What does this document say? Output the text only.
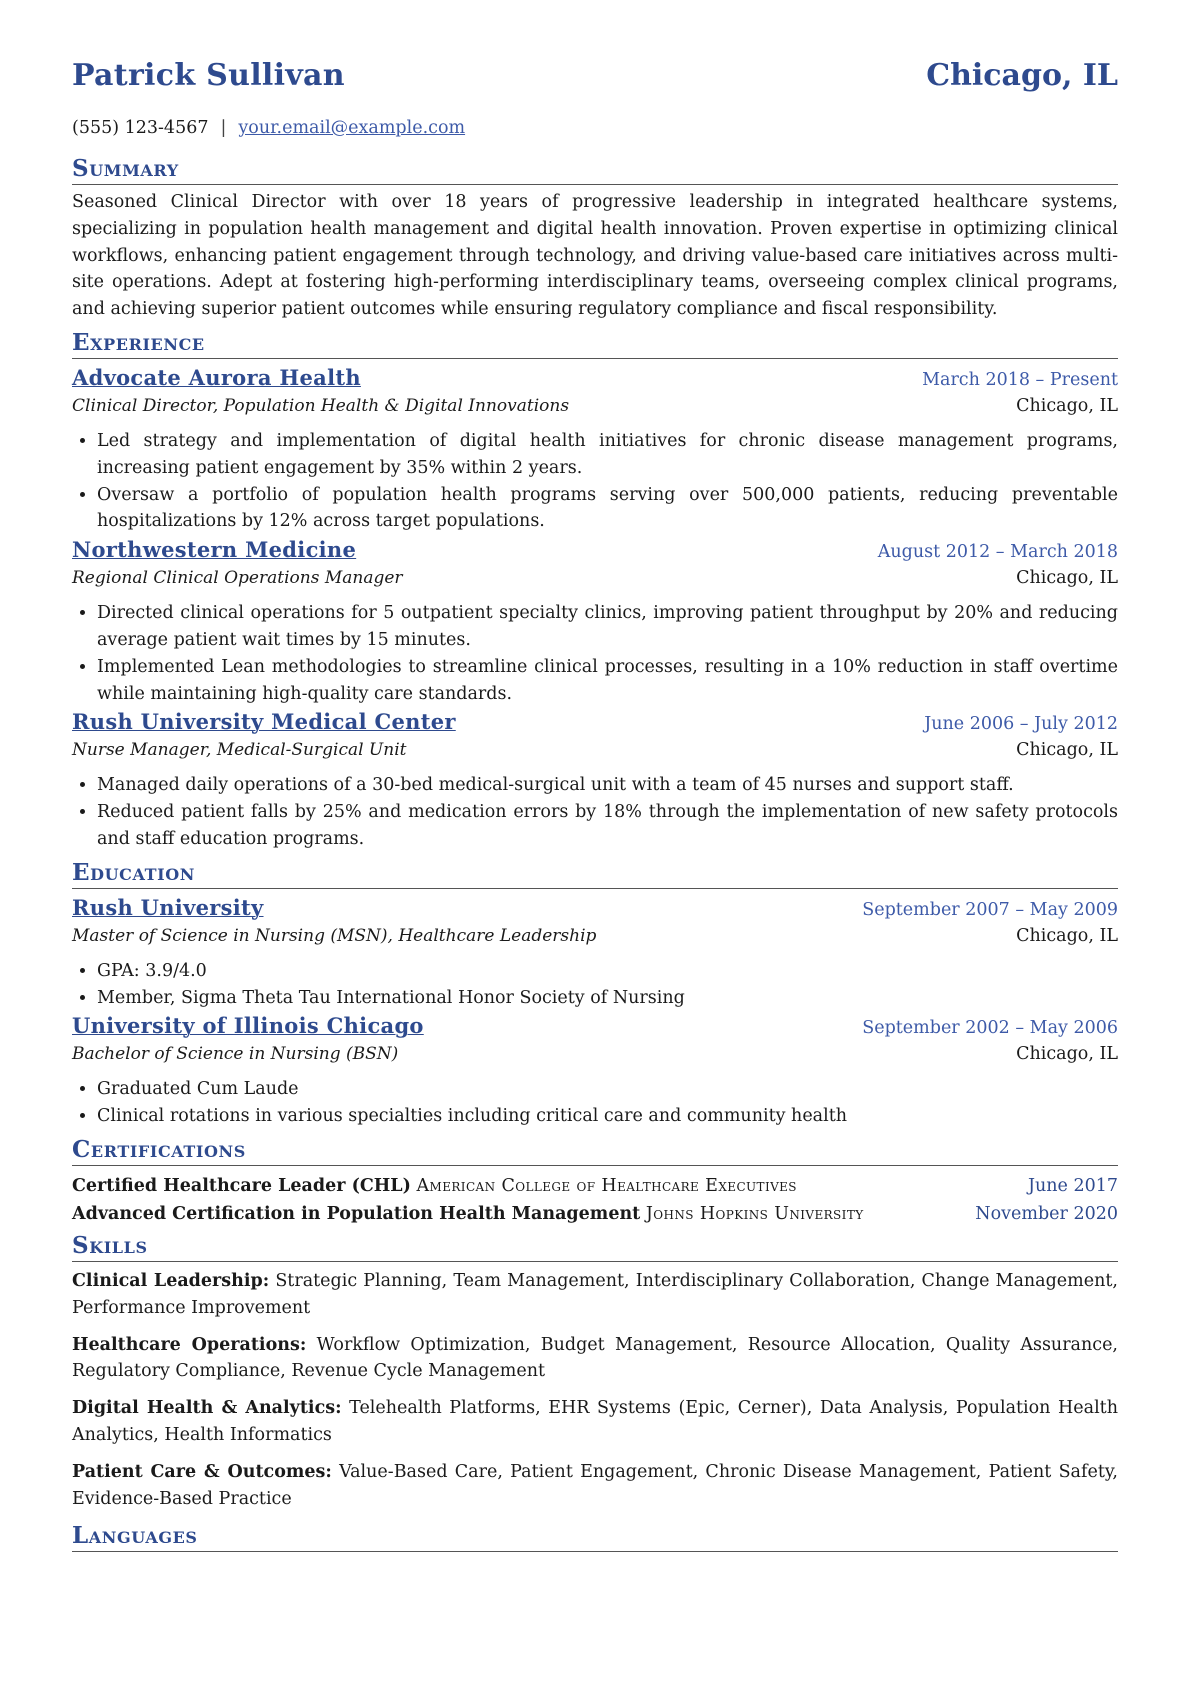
Patrick Sullivan	Chicago, IL
(555) 123-4567 | your.email@example.com
Summary
Seasoned Clinical Director with over 18 years of progressive leadership in integrated healthcare systems, specializing in population health management and digital health innovation. Proven expertise in optimizing clinical workflows, enhancing patient engagement through technology, and driving value-based care initiatives across multi-site operations. Adept at fostering high-performing interdisciplinary teams, overseeing complex clinical programs, and achieving superior patient outcomes while ensuring regulatory compliance and fiscal responsibility.
Experience
Advocate Aurora Health	March 2018 – Present
Clinical Director, Population Health & Digital Innovations	Chicago, IL
• Led strategy and implementation of digital health initiatives for chronic disease management programs, increasing patient engagement by 35% within 2 years.
• Oversaw a portfolio of population health programs serving over 500,000 patients, reducing preventable hospitalizations by 12% across target populations.
Northwestern Medicine	August 2012 – March 2018
Regional Clinical Operations Manager	Chicago, IL
• Directed clinical operations for 5 outpatient specialty clinics, improving patient throughput by 20% and reducing average patient wait times by 15 minutes.
• Implemented Lean methodologies to streamline clinical processes, resulting in a 10% reduction in staff overtime while maintaining high-quality care standards.
Rush University Medical Center	June 2006 – July 2012
Nurse Manager, Medical-Surgical Unit	Chicago, IL
• Managed daily operations of a 30-bed medical-surgical unit with a team of 45 nurses and support staff.
• Reduced patient falls by 25% and medication errors by 18% through the implementation of new safety protocols and staff education programs.
Education
Rush University	September 2007 – May 2009
Master of Science in Nursing (MSN), Healthcare Leadership	Chicago, IL
• GPA: 3.9/4.0
• Member, Sigma Theta Tau International Honor Society of Nursing
University of Illinois Chicago	September 2002 – May 2006
Bachelor of Science in Nursing (BSN)	Chicago, IL
• Graduated Cum Laude
• Clinical rotations in various specialties including critical care and community health
Certifications
Certified Healthcare Leader (CHL) American College of Healthcare Executives	June 2017
Advanced Certification in Population Health Management Johns Hopkins University	November 2020
Skills
Clinical Leadership: Strategic Planning, Team Management, Interdisciplinary Collaboration, Change Management, Performance Improvement
Healthcare Operations: Workflow Optimization, Budget Management, Resource Allocation, Quality Assurance, Regulatory Compliance, Revenue Cycle Management
Digital Health & Analytics: Telehealth Platforms, EHR Systems (Epic, Cerner), Data Analysis, Population Health Analytics, Health Informatics
Patient Care & Outcomes: Value-Based Care, Patient Engagement, Chronic Disease Management, Patient Safety, Evidence-Based Practice
Languages
